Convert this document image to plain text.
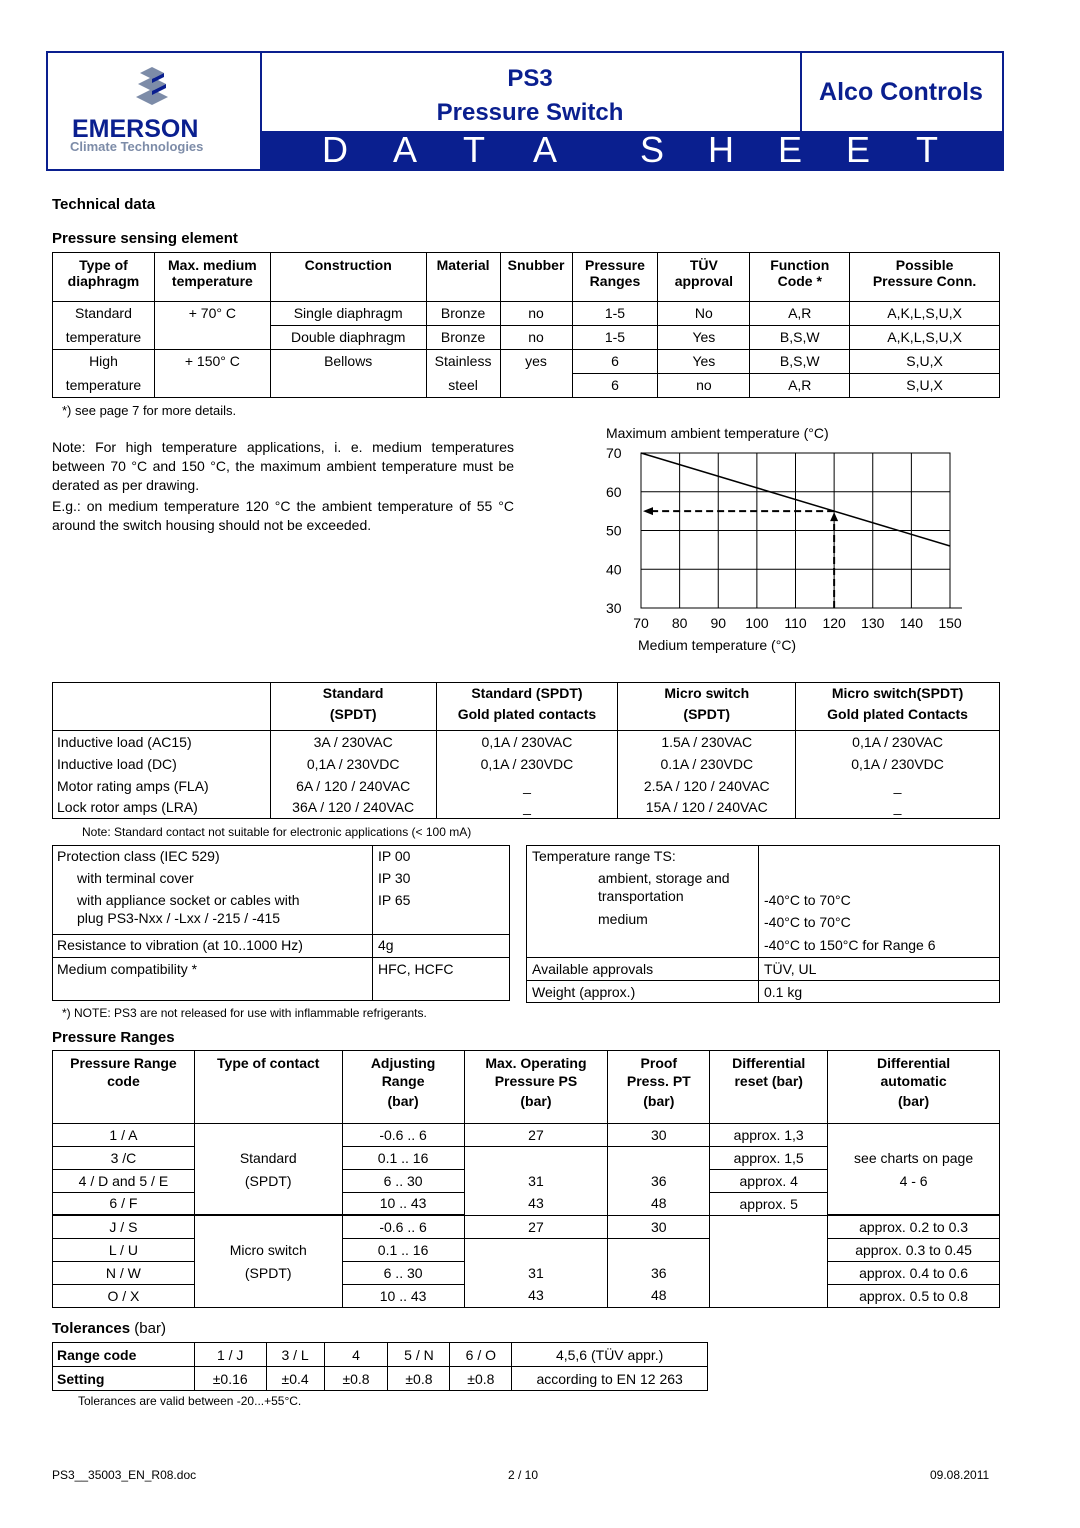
EMERSON
Climate Technologies
PS3
Pressure Switch
Alco Controls
D A T A S H E E T
Technical data
Pressure sensing element
Type of	Max. medium	Construction	Material	Snubber	Pressure	TÜV	Function	Possible
diaphragm	temperature				Ranges	approval	Code *	Pressure Conn.

Standard	+ 70° C	Single diaphragm	Bronze	no	1-5	No	A,R	A,K,L,S,U,X
temperature		Double diaphragm	Bronze	no	1-5	Yes	B,S,W	A,K,L,S,U,X
High	+ 150° C	Bellows	Stainless	yes	6	Yes	B,S,W	S,U,X
temperature			steel		6	no	A,R	S,U,X
*) see page 7 for more details.
Note: For high temperature applications, i. e. medium temperatures between 70 °C and 150 °C, the maximum ambient temperature must be derated as per drawing.
E.g.: on medium temperature 120 °C the ambient temperature of 55 °C around the switch housing should not be exceeded.
Maximum ambient temperature (°C)
70 80 90 100 110 120 130 140 150
70
60
50
40
30
Medium temperature (°C)
	Standard	Standard (SPDT)	Micro switch	Micro switch(SPDT)
	(SPDT)	Gold plated contacts	(SPDT)	Gold plated Contacts

Inductive load (AC15)	3A / 230VAC	0,1A / 230VAC	1.5A / 230VAC	0,1A / 230VAC
Inductive load (DC)	0,1A / 230VDC	0,1A / 230VDC	0.1A / 230VDC	0,1A / 230VDC
Motor rating amps (FLA)	6A / 120 / 240VAC	_	2.5A / 120 / 240VAC	_
Lock rotor amps (LRA)	36A / 120 / 240VAC	_	15A / 120 / 240VAC	_
Note: Standard contact not suitable for electronic applications (< 100 mA)
Protection class (IEC 529)	IP 00
with terminal cover	IP 30
with appliance socket or cables with
plug PS3-Nxx / -Lxx / -215 / -415
IP 65
Resistance to vibration (at 10..1000 Hz)	4g
Medium compatibility *	HFC, HCFC
Temperature range TS:
ambient, storage and
transportation	-40°C to 70°C
medium	-40°C to 70°C
-40°C to 150°C for Range 6
Available approvals	TÜV, UL
Weight (approx.)	0.1 kg
*) NOTE: PS3 are not released for use with inflammable refrigerants.
Pressure Ranges
Pressure Range	Type of contact	Adjusting	Max. Operating	Proof	Differential	Differential
code		Range	Pressure PS	Press. PT	reset (bar)	automatic
		(bar)	(bar)	(bar)		(bar)

1 / A		-0.6 .. 6	27	30	approx. 1,3	
3 /C	Standard	0.1 .. 16			approx. 1,5	see charts on page
4 / D and 5 / E	(SPDT)	6 .. 30	31	36	approx. 4	4 - 6
6 / F		10 .. 43	43	48	approx. 5	
J / S		-0.6 .. 6	27	30		approx. 0.2 to 0.3
L / U	Micro switch	0.1 .. 16				approx. 0.3 to 0.45
N / W	(SPDT)	6 .. 30	31	36		approx. 0.4 to 0.6
O / X		10 .. 43	43	48		approx. 0.5 to 0.8
Tolerances (bar)
Range code	1 / J	3 / L	4	5 / N	6 / O	4,5,6 (TÜV appr.)
Setting	±0.16	±0.4	±0.8	±0.8	±0.8	according to EN 12 263
Tolerances are valid between -20...+55°C.
PS3__35003_EN_R08.doc	2 / 10	09.08.2011
